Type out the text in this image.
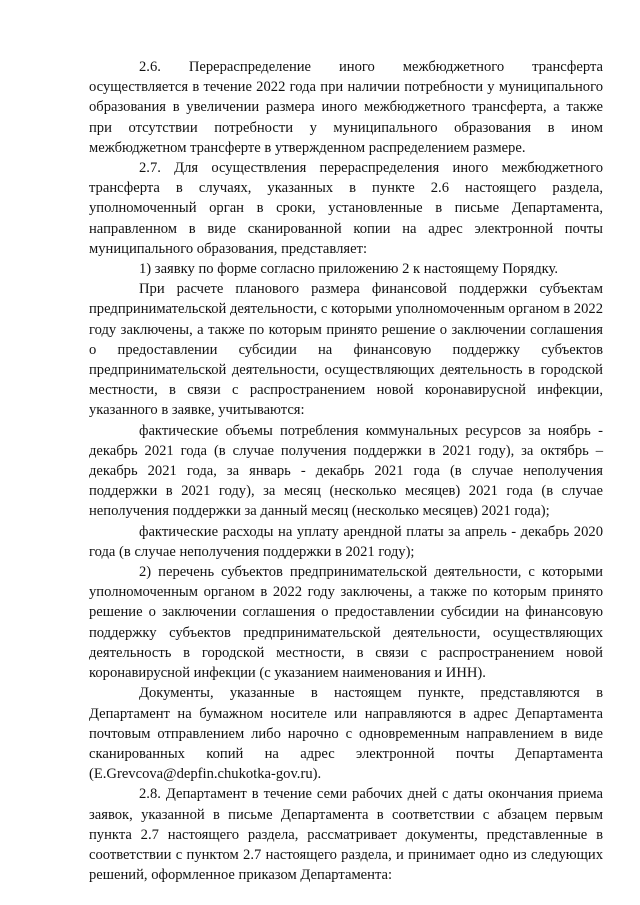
2.6. Перераспределение иного межбюджетного трансферта осуществляется в течение 2022 года при наличии потребности у муниципального образования в увеличении размера иного межбюджетного трансферта, а также при отсутствии потребности у муниципального образования в ином межбюджетном трансферте в утвержденном распределением размере.

2.7. Для осуществления перераспределения иного межбюджетного трансферта в случаях, указанных в пункте 2.6 настоящего раздела, уполномоченный орган в сроки, установленные в письме Департамента, направленном в виде сканированной копии на адрес электронной почты муниципального образования, представляет:

1) заявку по форме согласно приложению 2 к настоящему Порядку.

При расчете планового размера финансовой поддержки субъектам предпринимательской деятельности, с которыми уполномоченным органом в 2022 году заключены, а также по которым принято решение о заключении соглашения о предоставлении субсидии на финансовую поддержку субъектов предпринимательской деятельности, осуществляющих деятельность в городской местности, в связи с распространением новой коронавирусной инфекции, указанного в заявке, учитываются:

фактические объемы потребления коммунальных ресурсов за ноябрь - декабрь 2021 года (в случае получения поддержки в 2021 году), за октябрь – декабрь 2021 года, за январь - декабрь 2021 года (в случае неполучения поддержки в 2021 году), за месяц (несколько месяцев) 2021 года (в случае неполучения поддержки за данный месяц (несколько месяцев) 2021 года);

фактические расходы на уплату арендной платы за апрель - декабрь 2020 года (в случае неполучения поддержки в 2021 году);

2) перечень субъектов предпринимательской деятельности, с которыми уполномоченным органом в 2022 году заключены, а также по которым принято решение о заключении соглашения о предоставлении субсидии на финансовую поддержку субъектов предпринимательской деятельности, осуществляющих деятельность в городской местности, в связи с распространением новой коронавирусной инфекции (с указанием наименования и ИНН).

Документы, указанные в настоящем пункте, представляются в Департамент на бумажном носителе или направляются в адрес Департамента почтовым отправлением либо нарочно с одновременным направлением в виде сканированных копий на адрес электронной почты Департамента (E.Grevcova@depfin.chukotka-gov.ru).

2.8. Департамент в течение семи рабочих дней с даты окончания приема заявок, указанной в письме Департамента в соответствии с абзацем первым пункта 2.7 настоящего раздела, рассматривает документы, представленные в соответствии с пунктом 2.7 настоящего раздела, и принимает одно из следующих решений, оформленное приказом Департамента:
